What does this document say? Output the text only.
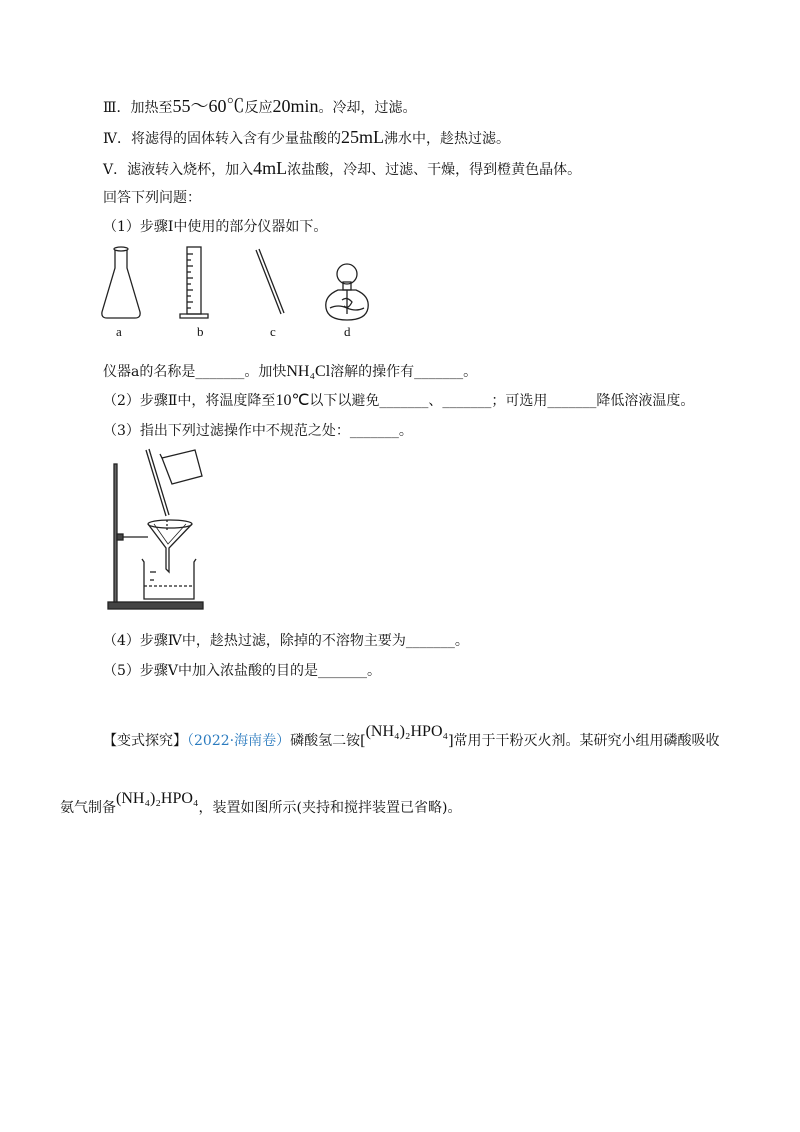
Ⅲ．加热至55～60℃反应20min。冷却，过滤。
Ⅳ．将滤得的固体转入含有少量盐酸的25mL沸水中，趁热过滤。
Ⅴ．滤液转入烧杯，加入4mL浓盐酸，冷却、过滤、干燥，得到橙黄色晶体。
回答下列问题：
（1）步骤Ⅰ中使用的部分仪器如下。
a	b	c	d
仪器a的名称是_______。加快NH₄Cl溶解的操作有_______。
（2）步骤Ⅱ中，将温度降至10℃以下以避免_______、_______；可选用_______降低溶液温度。
（3）指出下列过滤操作中不规范之处：_______。
（4）步骤Ⅳ中，趁热过滤，除掉的不溶物主要为_______。
（5）步骤Ⅴ中加入浓盐酸的目的是_______。
【变式探究】（2022·海南卷）磷酸氢二铵[(NH₄)₂HPO₄]常用于干粉灭火剂。某研究小组用磷酸吸收
氨气制备(NH₄)₂HPO₄，装置如图所示(夹持和搅拌装置已省略)。
